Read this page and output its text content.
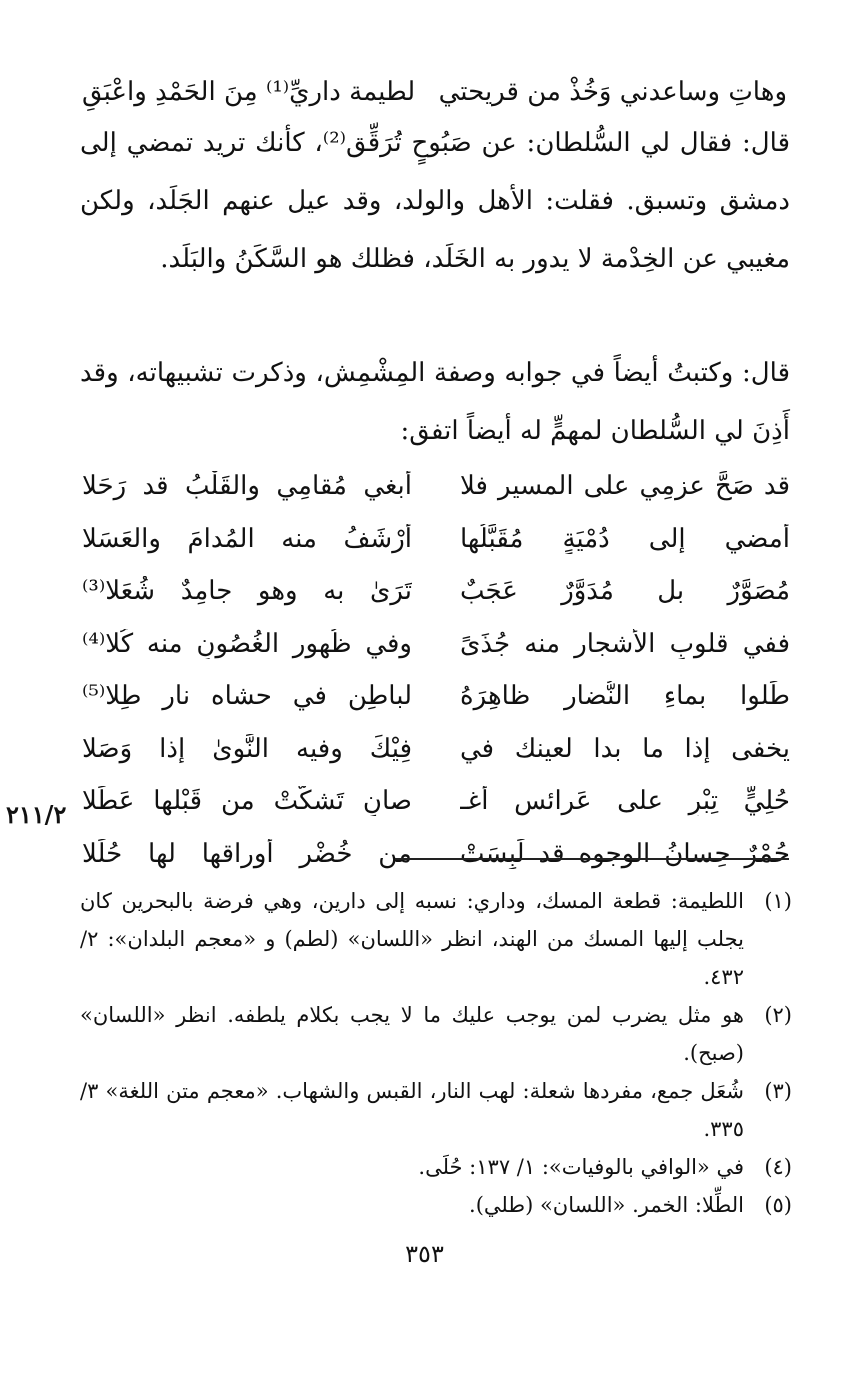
وهاتِ وساعدني وَخُذْ من قريحتي
لطيمة داريِّ⁽¹⁾ مِنَ الحَمْدِ واعْبَقِ
قال: فقال لي السُّلطان: عن صَبُوحٍ تُرَقِّق⁽²⁾، كأنك تريد تمضي إلى دمشق وتسبق. فقلت: الأهل والولد، وقد عيل عنهم الجَلَد، ولكن مغيبي عن الخِدْمة لا يدور به الخَلَد، فظلك هو السَّكَنُ والبَلَد.
قال: وكتبتُ أيضاً في جوابه وصفة المِشْمِش، وذكرت تشبيهاته، وقد أَذِنَ لي السُّلطان لمهمٍّ له أيضاً اتفق:
قد صَحَّ عزمِي على المسير فلا
أبغي مُقامِي والقَلْبُ قد رَحَلا
أمضي إلى دُمْيَةٍ مُقَبَّلُها
أَرْشَفُ منه المُدامَ والعَسَلا
مُصَوَّرٌ بل مُدَوَّرٌ عَجَبٌ
تَرَىٰ به وهو جامِدٌ شُعَلا⁽³⁾
ففي قلوبِ الأشجارِ منه جُذَىً
وفي ظُهور الغُصُونِ منه كُلا⁽⁴⁾
طَلوا بماءِ النُّضارِ ظاهِرَهُ
لباطِنٍ في حشاه نار طِلا⁽⁵⁾
يخفى إذا ما بدا لعينك في
فِيْكَ وفيه النَّوىٰ إذا وَصَلا
حُلِيٍّ تِبْرٍ على عَرائسِ أغـ
صانٍ تَشكَّتْ من قَبْلها عَطَلا
حُمْرٌ حِسانُ الوجوه قد لَبِسَتْ
من خُضْرِ أوراقها لها حُلَلا
٢١١/٢
(١)
اللطيمة: قطعة المسك، وداري: نسبه إلى دارين، وهي فرضة بالبحرين كان يجلب إليها المسك من الهند، انظر «اللسان» (لطم) و «معجم البلدان»: ٢/ ٤٣٢.
(٢)
هو مثل يضرب لمن يوجب عليك ما لا يجب بكلام يلطفه. انظر «اللسان» (صبح).
(٣)
شُعَل جمع، مفردها شعلة: لهب النار، القبس والشهاب. «معجم متن اللغة» ٣/ ٣٣٥.
(٤)
في «الوافي بالوفيات»: ١/ ١٣٧: حُلَى.
(٥)
الطِّلا: الخمر. «اللسان» (طلي).
٣٥٣
